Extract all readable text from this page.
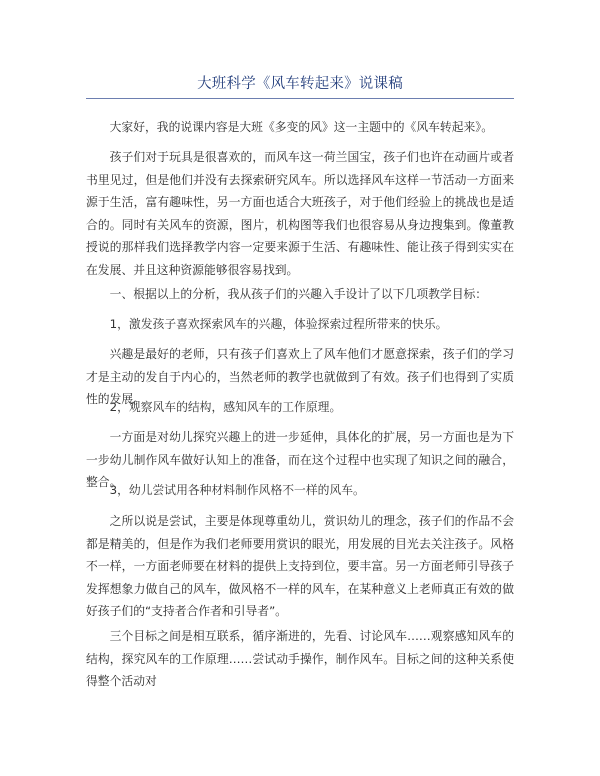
大班科学《风车转起来》说课稿

大家好，我的说课内容是大班《多变的风》这一主题中的《风车转起来》。

孩子们对于玩具是很喜欢的，而风车这一荷兰国宝，孩子们也许在动画片或者书里见过，但是他们并没有去探索研究风车。所以选择风车这样一节活动一方面来源于生活，富有趣味性，另一方面也适合大班孩子，对于他们经验上的挑战也是适合的。同时有关风车的资源，图片，机构图等我们也很容易从身边搜集到。像董教授说的那样我们选择教学内容一定要来源于生活、有趣味性、能让孩子得到实实在在发展、并且这种资源能够很容易找到。

一、根据以上的分析，我从孩子们的兴趣入手设计了以下几项教学目标：

1，激发孩子喜欢探索风车的兴趣，体验探索过程所带来的快乐。

兴趣是最好的老师，只有孩子们喜欢上了风车他们才愿意探索，孩子们的学习才是主动的发自于内心的，当然老师的教学也就做到了有效。孩子们也得到了实质性的发展。

2，观察风车的结构，感知风车的工作原理。

一方面是对幼儿探究兴趣上的进一步延伸，具体化的扩展，另一方面也是为下一步幼儿制作风车做好认知上的准备，而在这个过程中也实现了知识之间的融合，整合。

3，幼儿尝试用各种材料制作风格不一样的风车。

之所以说是尝试，主要是体现尊重幼儿，赏识幼儿的理念，孩子们的作品不会都是精美的，但是作为我们老师要用赏识的眼光，用发展的目光去关注孩子。风格不一样，一方面老师要在材料的提供上支持到位，要丰富。另一方面老师引导孩子发挥想象力做自己的风车，做风格不一样的风车，在某种意义上老师真正有效的做好孩子们的“支持者合作者和引导者”。

三个目标之间是相互联系，循序渐进的，先看、讨论风车……观察感知风车的结构，探究风车的工作原理……尝试动手操作，制作风车。目标之间的这种关系使得整个活动对
